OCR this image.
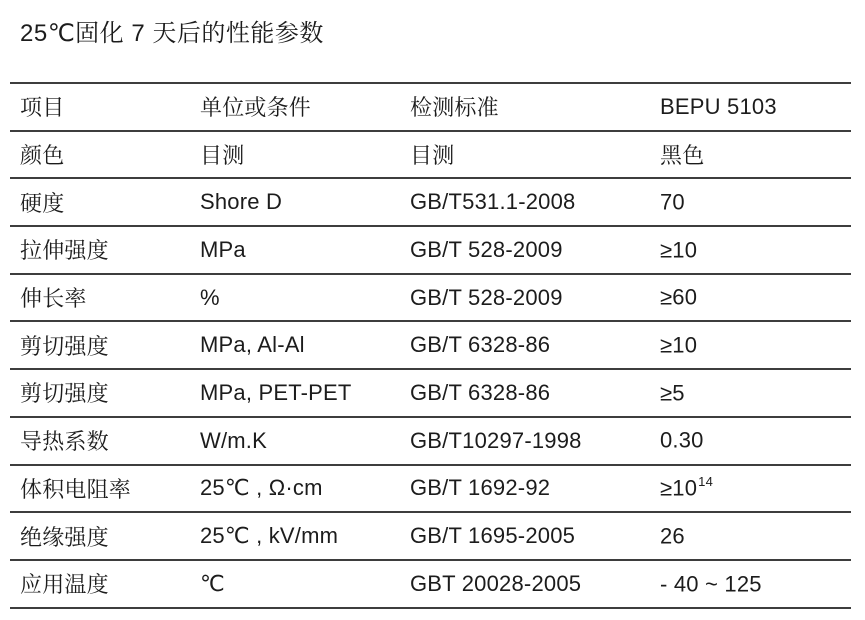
25℃固化 7 天后的性能参数
项目	单位或条件	检测标准	BEPU 5103
颜色	目测	目测	黑色
硬度	Shore D	GB/T531.1-2008	70
拉伸强度	MPa	GB/T 528-2009	≥10
伸长率	%	GB/T 528-2009	≥60
剪切强度	MPa, Al-Al	GB/T 6328-86	≥10
剪切强度	MPa, PET-PET	GB/T 6328-86	≥5
导热系数	W/m.K	GB/T10297-1998	0.30
体积电阻率	25℃ , Ω·cm	GB/T 1692-92	$\ge 10^{14}$
绝缘强度	25℃ , kV/mm	GB/T 1695-2005	26
应用温度	℃	GBT 20028-2005	- 40 ~ 125
